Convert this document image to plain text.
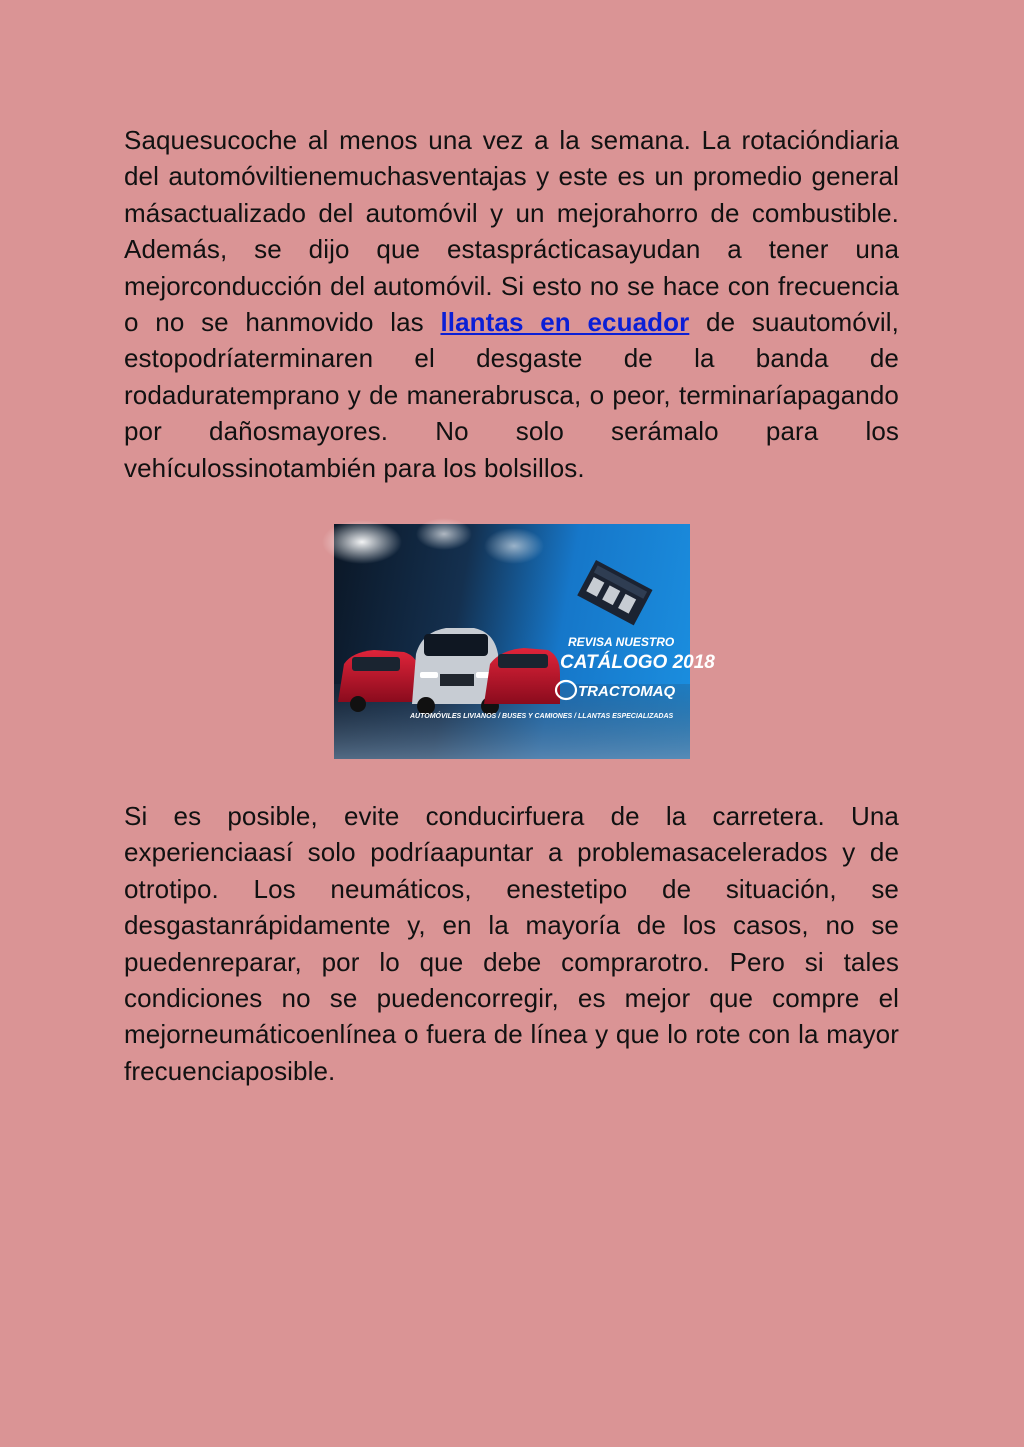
Saquesucoche al menos una vez a la semana. La rotacióndiaria del automóviltienemuchasventajas y este es un promedio general másactualizado del automóvil y un mejorahorro de combustible. Además, se dijo que estasprácticasayudan a tener una mejorconducción del automóvil. Si esto no se hace con frecuencia o no se hanmovido las llantas en ecuador de suautomóvil, estopodríaterminaren el desgaste de la banda de rodaduratemprano y de manerabrusca, o peor, terminaríapagando por dañosmayores. No solo serámalo para los vehículossinotambién para los bolsillos.

REVISA NUESTRO
CATÁLOGO 2018
TRACTOMAQ
AUTOMÓVILES LIVIANOS / BUSES Y CAMIONES / LLANTAS ESPECIALIZADAS

Si es posible, evite conducirfuera de la carretera. Una experienciaasí solo podríaapuntar a problemasacelerados y de otrotipo. Los neumáticos, enestetipo de situación, se desgastanrápidamente y, en la mayoría de los casos, no se puedenreparar, por lo que debe comprarotro. Pero si tales condiciones no se puedencorregir, es mejor que compre el mejorneumáticoenlínea o fuera de línea y que lo rote con la mayor frecuenciaposible.
